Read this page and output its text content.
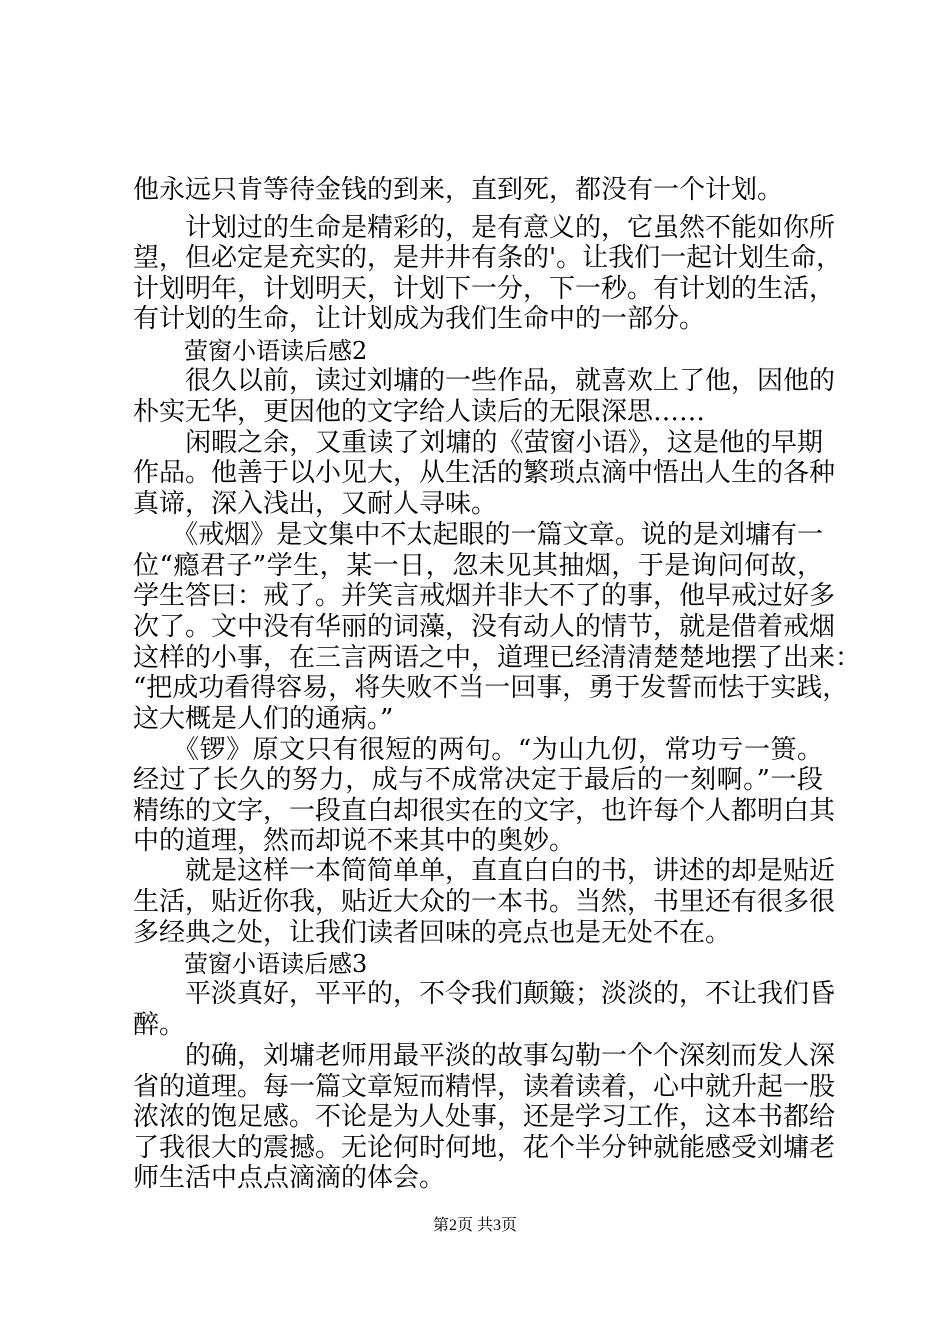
他永远只肯等待金钱的到来，直到死，都没有一个计划。
　　计划过的生命是精彩的，是有意义的，它虽然不能如你所
望，但必定是充实的，是井井有条的'。让我们一起计划生命，
计划明年，计划明天，计划下一分，下一秒。有计划的生活，
有计划的生命，让计划成为我们生命中的一部分。
萤窗小语读后感2
　　很久以前，读过刘墉的一些作品，就喜欢上了他，因他的
朴实无华，更因他的文字给人读后的无限深思……
　　闲暇之余，又重读了刘墉的《萤窗小语》，这是他的早期
作品。他善于以小见大，从生活的繁琐点滴中悟出人生的各种
真谛，深入浅出，又耐人寻味。
　　《戒烟》是文集中不太起眼的一篇文章。说的是刘墉有一
位“瘾君子”学生，某一日，忽未见其抽烟，于是询问何故，
学生答曰：戒了。并笑言戒烟并非大不了的事，他早戒过好多
次了。文中没有华丽的词藻，没有动人的情节，就是借着戒烟
这样的小事，在三言两语之中，道理已经清清楚楚地摆了出来：
“把成功看得容易，将失败不当一回事，勇于发誓而怯于实践，
这大概是人们的通病。”
　　《锣》原文只有很短的两句。“为山九仞，常功亏一篑。
经过了长久的努力，成与不成常决定于最后的一刻啊。”一段
精练的文字，一段直白却很实在的文字，也许每个人都明白其
中的道理，然而却说不来其中的奥妙。
　　就是这样一本简简单单，直直白白的书，讲述的却是贴近
生活，贴近你我，贴近大众的一本书。当然，书里还有很多很
多经典之处，让我们读者回味的亮点也是无处不在。
萤窗小语读后感3
　　平淡真好，平平的，不令我们颠簸；淡淡的，不让我们昏
醉。
　　的确，刘墉老师用最平淡的故事勾勒一个个深刻而发人深
省的道理。每一篇文章短而精悍，读着读着，心中就升起一股
浓浓的饱足感。不论是为人处事，还是学习工作，这本书都给
了我很大的震撼。无论何时何地，花个半分钟就能感受刘墉老
师生活中点点滴滴的体会。
第2页 共3页
